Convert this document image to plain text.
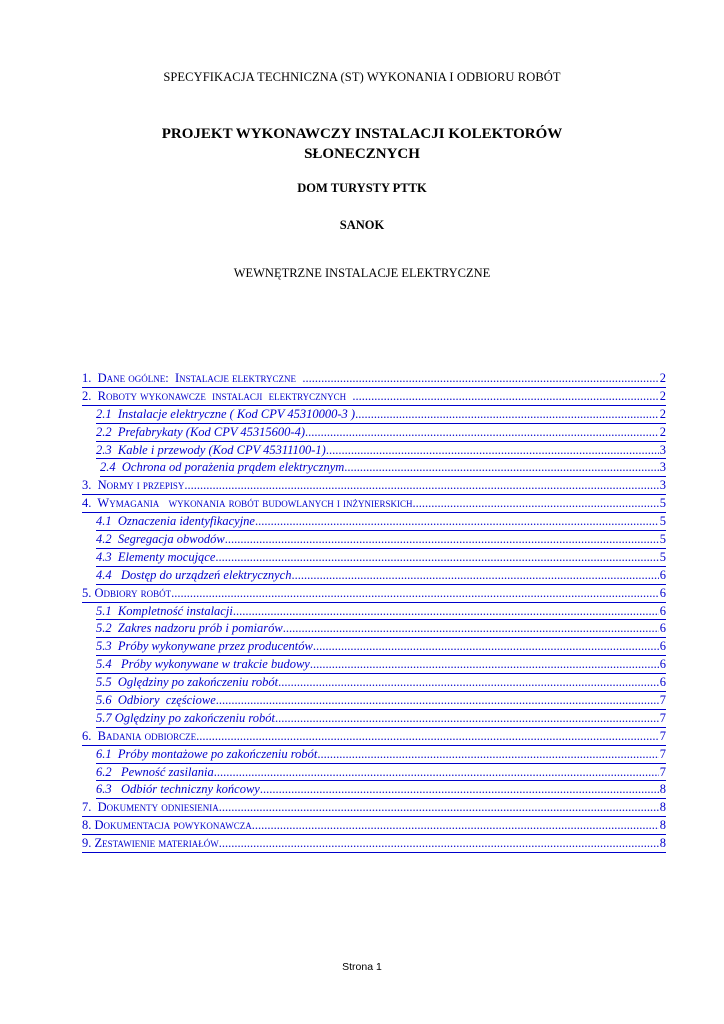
SPECYFIKACJA TECHNICZNA (ST) WYKONANIA I ODBIORU ROBÓT
PROJEKT WYKONAWCZY INSTALACJI KOLEKTORÓW
SŁONECZNYCH
DOM TURYSTY PTTK
SANOK
WEWNĘTRZNE INSTALACJE ELEKTRYCZNE
1.  Dane ogólne:  Instalacje elektryczne .....	2
2.  Roboty wykonawcze  instalacji  elektrycznych .....	2
2.1  Instalacje elektryczne ( Kod CPV 45310000-3 ) .....	2
2.2  Prefabrykaty (Kod CPV 45315600-4) .....	2
2.3  Kable i przewody (Kod CPV 45311100-1) .....	3
2.4  Ochrona od porażenia prądem elektrycznym .....	3
3.  Normy i przepisy .....	3
4.  Wymagania   wykonania robót budowlanych i inżynierskich .....	5
4.1  Oznaczenia identyfikacyjne .....	5
4.2  Segregacja obwodów .....	5
4.3  Elementy mocujące .....	5
4.4   Dostęp do urządzeń elektrycznych .....	6
5. Odbiory robót .....	6
5.1  Kompletność instalacji .....	6
5.2  Zakres nadzoru prób i pomiarów .....	6
5.3  Próby wykonywane przez producentów .....	6
5.4   Próby wykonywane w trakcie budowy .....	6
5.5  Oględziny po zakończeniu robót .....	6
5.6  Odbiory  częściowe .....	7
5.7 Oględziny po zakończeniu robót .....	7
6.  Badania odbiorcze .....	7
6.1  Próby montażowe po zakończeniu robót .....	7
6.2   Pewność zasilania .....	7
6.3   Odbiór techniczny końcowy .....	8
7.  Dokumenty odniesienia .....	8
8. Dokumentacja powykonawcza .....	8
9. Zestawienie materiałów .....	8
Strona 1
